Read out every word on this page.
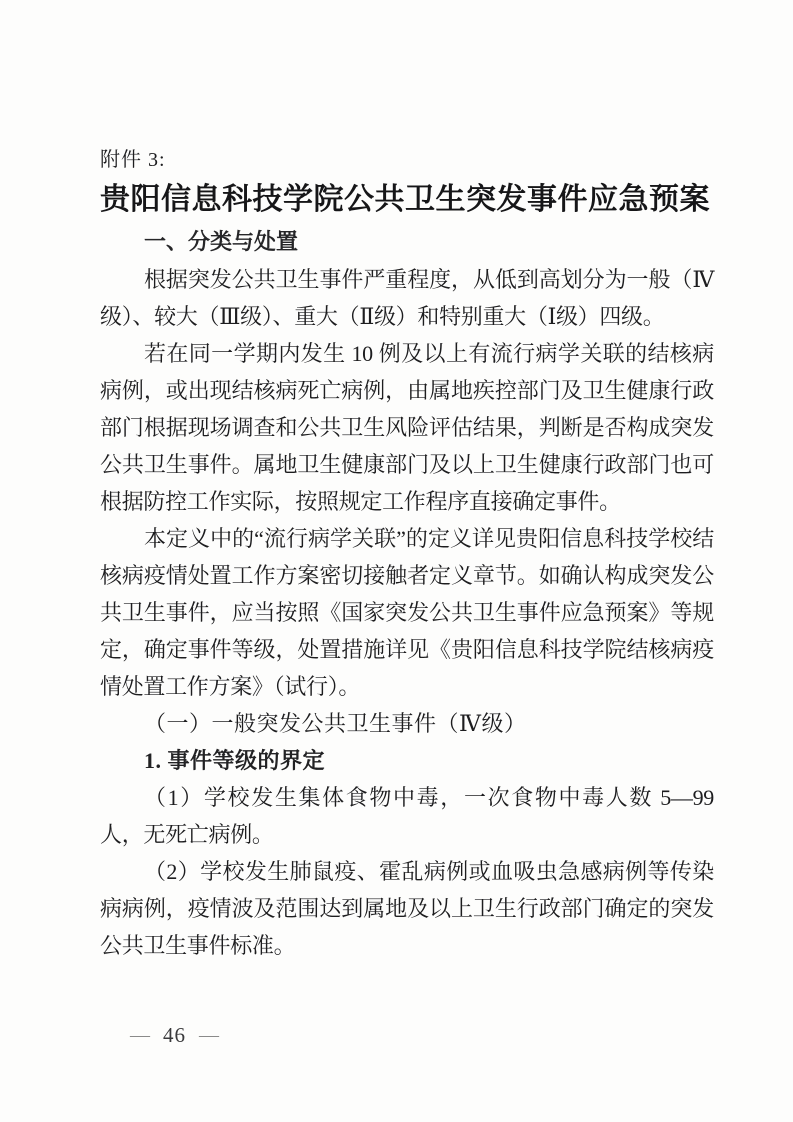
附件 3:
贵阳信息科技学院公共卫生突发事件应急预案
一、分类与处置

根据突发公共卫生事件严重程度，从低到高划分为一般（Ⅳ级）、较大（Ⅲ级）、重大（Ⅱ级）和特别重大（Ⅰ级）四级。

若在同一学期内发生 10 例及以上有流行病学关联的结核病病例，或出现结核病死亡病例，由属地疾控部门及卫生健康行政部门根据现场调查和公共卫生风险评估结果，判断是否构成突发公共卫生事件。属地卫生健康部门及以上卫生健康行政部门也可根据防控工作实际，按照规定工作程序直接确定事件。

本定义中的“流行病学关联”的定义详见贵阳信息科技学校结核病疫情处置工作方案密切接触者定义章节。如确认构成突发公共卫生事件，应当按照《国家突发公共卫生事件应急预案》等规定，确定事件等级，处置措施详见《贵阳信息科技学院结核病疫情处置工作方案》（试行）。

（一）一般突发公共卫生事件（Ⅳ级）
1. 事件等级的界定

（1）学校发生集体食物中毒，一次食物中毒人数 5—99 人，无死亡病例。

（2）学校发生肺鼠疫、霍乱病例或血吸虫急感病例等传染病病例，疫情波及范围达到属地及以上卫生行政部门确定的突发公共卫生事件标准。

— 46 —
